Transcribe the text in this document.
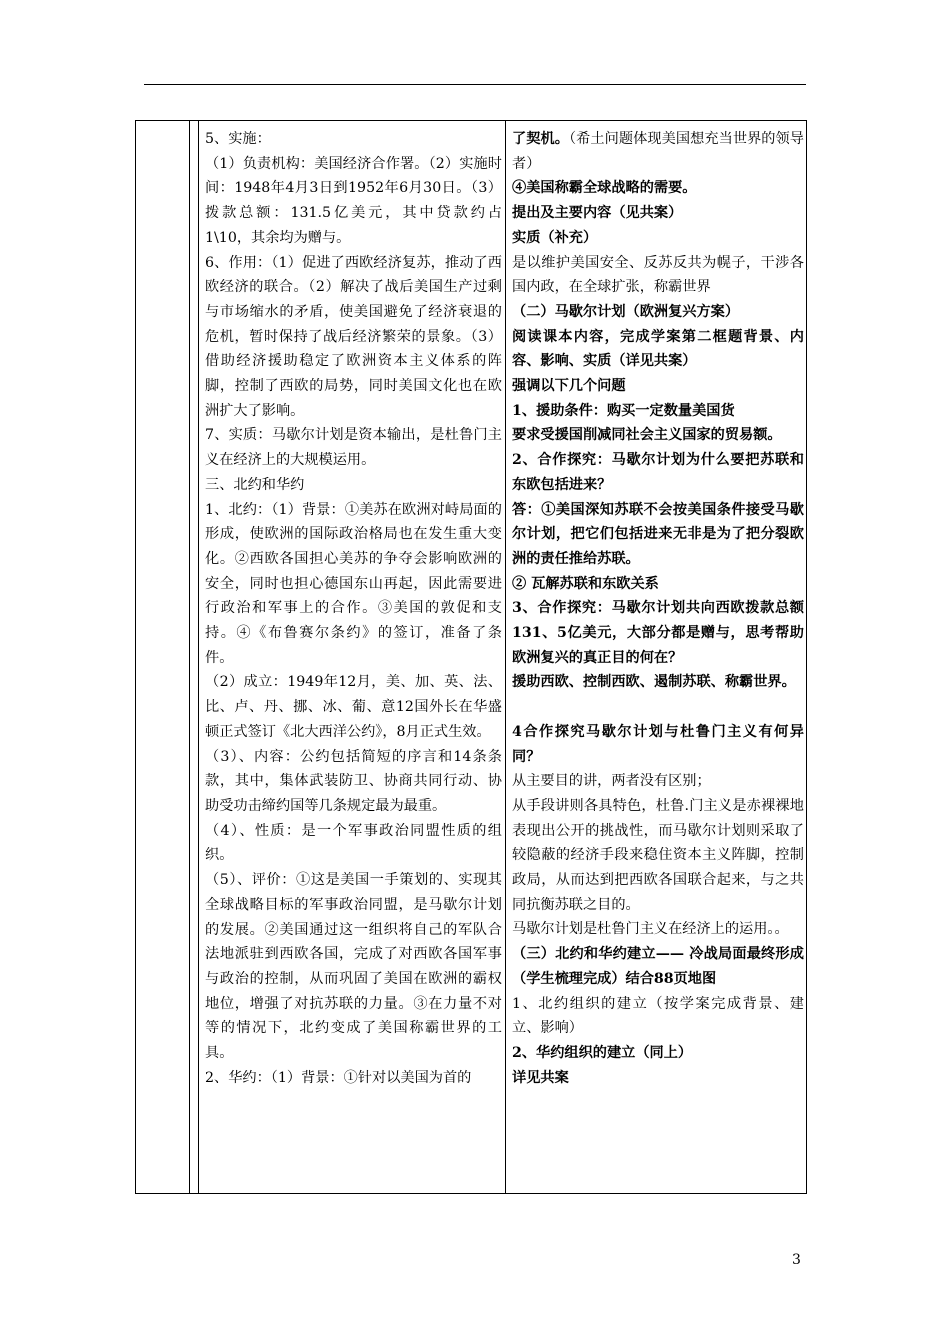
5、实施：

（1）负责机构：美国经济合作署。（2）实施时间：1948年4月3日到1952年6月30日。（3）拨款总额：131.5亿美元，其中贷款约占1\10，其余均为赠与。

6、作用：（1）促进了西欧经济复苏，推动了西欧经济的联合。（2）解决了战后美国生产过剩与市场缩水的矛盾，使美国避免了经济衰退的危机，暂时保持了战后经济繁荣的景象。（3）借助经济援助稳定了欧洲资本主义体系的阵脚，控制了西欧的局势，同时美国文化也在欧洲扩大了影响。

7、实质：马歇尔计划是资本输出，是杜鲁门主义在经济上的大规模运用。

三、北约和华约

1、北约：（1）背景：①美苏在欧洲对峙局面的形成，使欧洲的国际政治格局也在发生重大变化。②西欧各国担心美苏的争夺会影响欧洲的安全，同时也担心德国东山再起，因此需要进行政治和军事上的合作。③美国的敦促和支持。④《布鲁赛尔条约》的签订，准备了条件。

（2）成立：1949年12月，美、加、英、法、比、卢、丹、挪、冰、葡、意12国外长在华盛顿正式签订《北大西洋公约》，8月正式生效。

（3）、内容：公约包括简短的序言和14条条款，其中，集体武装防卫、协商共同行动、协助受功击缔约国等几条规定最为最重。

（4）、性质：是一个军事政治同盟性质的组织。

（5）、评价：①这是美国一手策划的、实现其全球战略目标的军事政治同盟，是马歇尔计划的发展。②美国通过这一组织将自己的军队合法地派驻到西欧各国，完成了对西欧各国军事与政治的控制，从而巩固了美国在欧洲的霸权地位，增强了对抗苏联的力量。③在力量不对等的情况下，北约变成了美国称霸世界的工具。

2、华约：（1）背景：①针对以美国为首的

了契机。（希土问题体现美国想充当世界的领导者）

④美国称霸全球战略的需要。

提出及主要内容（见共案）

实质（补充）

是以维护美国安全、反苏反共为幌子，干涉各国内政，在全球扩张，称霸世界

（二）马歇尔计划（欧洲复兴方案）

阅读课本内容，完成学案第二框题背景、内容、影响、实质（详见共案）

强调以下几个问题

1、援助条件：购买一定数量美国货

要求受援国削减同社会主义国家的贸易额。

2、合作探究：马歇尔计划为什么要把苏联和东欧包括进来？

答：①美国深知苏联不会按美国条件接受马歇尔计划，把它们包括进来无非是为了把分裂欧洲的责任推给苏联。

② 瓦解苏联和东欧关系

3、合作探究：马歇尔计划共向西欧拨款总额131、5亿美元，大部分都是赠与，思考帮助欧洲复兴的真正目的何在？

援助西欧、控制西欧、遏制苏联、称霸世界。

4合作探究马歇尔计划与杜鲁门主义有何异同？

从主要目的讲，两者没有区别；

从手段讲则各具特色，杜鲁.门主义是赤裸裸地表现出公开的挑战性，而马歇尔计划则采取了较隐蔽的经济手段来稳住资本主义阵脚，控制政局，从而达到把西欧各国联合起来，与之共同抗衡苏联之目的。

马歇尔计划是杜鲁门主义在经济上的运用。。

（三）北约和华约建立—— 冷战局面最终形成（学生梳理完成）结合88页地图

1、北约组织的建立（按学案完成背景、建立、影响）

2、华约组织的建立（同上）

详见共案

3
